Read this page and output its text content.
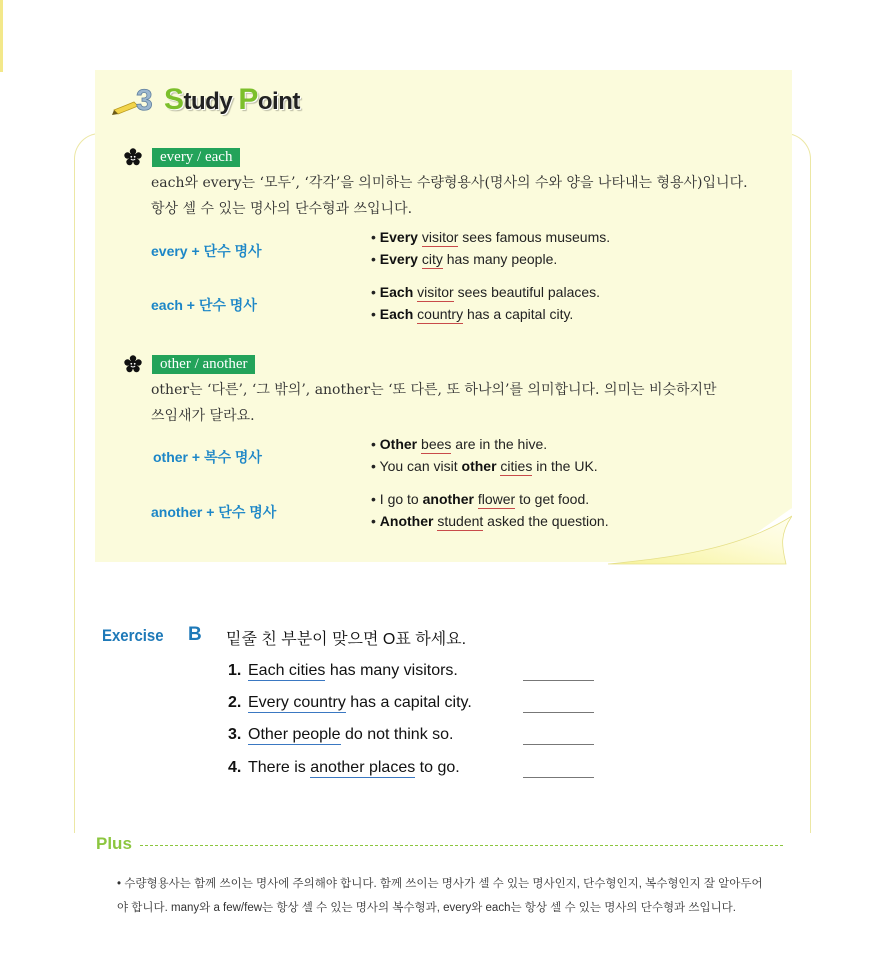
3 Study Point
every / each
each와 every는 ‘모두’, ‘각각’을 의미하는 수량형용사(명사의 수와 양을 나타내는 형용사)입니다.
항상 셀 수 있는 명사의 단수형과 쓰입니다.
every + 단수 명사
• Every visitor sees famous museums.
• Every city has many people.
each + 단수 명사
• Each visitor sees beautiful palaces.
• Each country has a capital city.
other / another
other는 ‘다른’, ‘그 밖의’, another는 ‘또 다른, 또 하나의’를 의미합니다. 의미는 비슷하지만
쓰임새가 달라요.
other + 복수 명사
• Other bees are in the hive.
• You can visit other cities in the UK.
another + 단수 명사
• I go to another flower to get food.
• Another student asked the question.
Exercise B 밑줄 친 부분이 맞으면 O표 하세요.
1. Each cities has many visitors.
2. Every country has a capital city.
3. Other people do not think so.
4. There is another places to go.
Plus
• 수량형용사는 함께 쓰이는 명사에 주의해야 합니다. 함께 쓰이는 명사가 셀 수 있는 명사인지, 단수형인지, 복수형인지 잘 알아두어
야 합니다. many와 a few/few는 항상 셀 수 있는 명사의 복수형과, every와 each는 항상 셀 수 있는 명사의 단수형과 쓰입니다.
